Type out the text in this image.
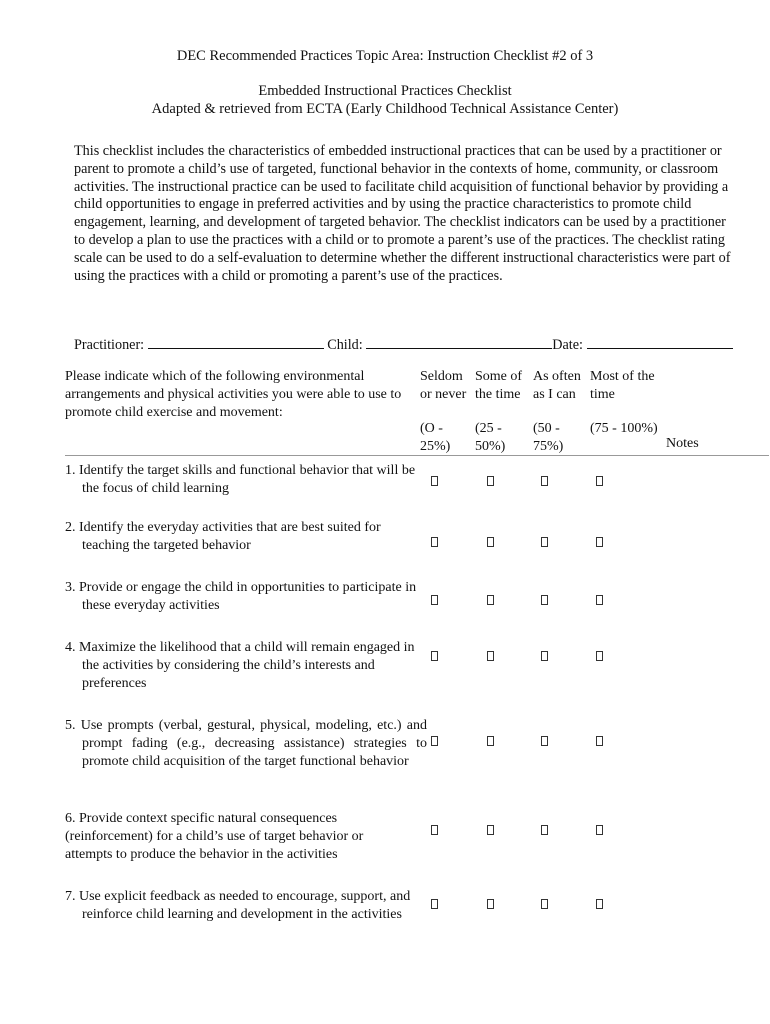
DEC Recommended Practices Topic Area: Instruction Checklist #2 of 3
Embedded Instructional Practices Checklist
Adapted & retrieved from ECTA (Early Childhood Technical Assistance Center)
This checklist includes the characteristics of embedded instructional practices that can be used by a practitioner or parent to promote a child’s use of targeted, functional behavior in the contexts of home, community, or classroom activities. The instructional practice can be used to facilitate child acquisition of functional behavior by providing a child opportunities to engage in preferred activities and by using the practice characteristics to promote child engagement, learning, and development of targeted behavior. The checklist indicators can be used by a practitioner to develop a plan to use the practices with a child or to promote a parent’s use of the practices. The checklist rating scale can be used to do a self-evaluation to determine whether the different instructional characteristics were part of using the practices with a child or promoting a parent’s use of the practices.
Practitioner:	Child:	Date:
Please indicate which of the following environmental arrangements and physical activities you were able to use to promote child exercise and movement:
Seldom
or never
Some of
the time
As often
as I can
Most of the
time
(O -
25%)
(25 -
50%)
(50 -
75%)
(75 - 100%)
Notes
1. Identify the target skills and functional behavior that will be the focus of child learning
2. Identify the everyday activities that are best suited for teaching the targeted behavior
3. Provide or engage the child in opportunities to participate in these everyday activities
4. Maximize the likelihood that a child will remain engaged in the activities by considering the child’s interests and preferences
5. Use prompts (verbal, gestural, physical, modeling, etc.) and prompt fading (e.g., decreasing assistance) strategies to promote child acquisition of the target functional behavior
6. Provide context specific natural consequences (reinforcement) for a child’s use of target behavior or attempts to produce the behavior in the activities
7. Use explicit feedback as needed to encourage, support, and reinforce child learning and development in the activities
